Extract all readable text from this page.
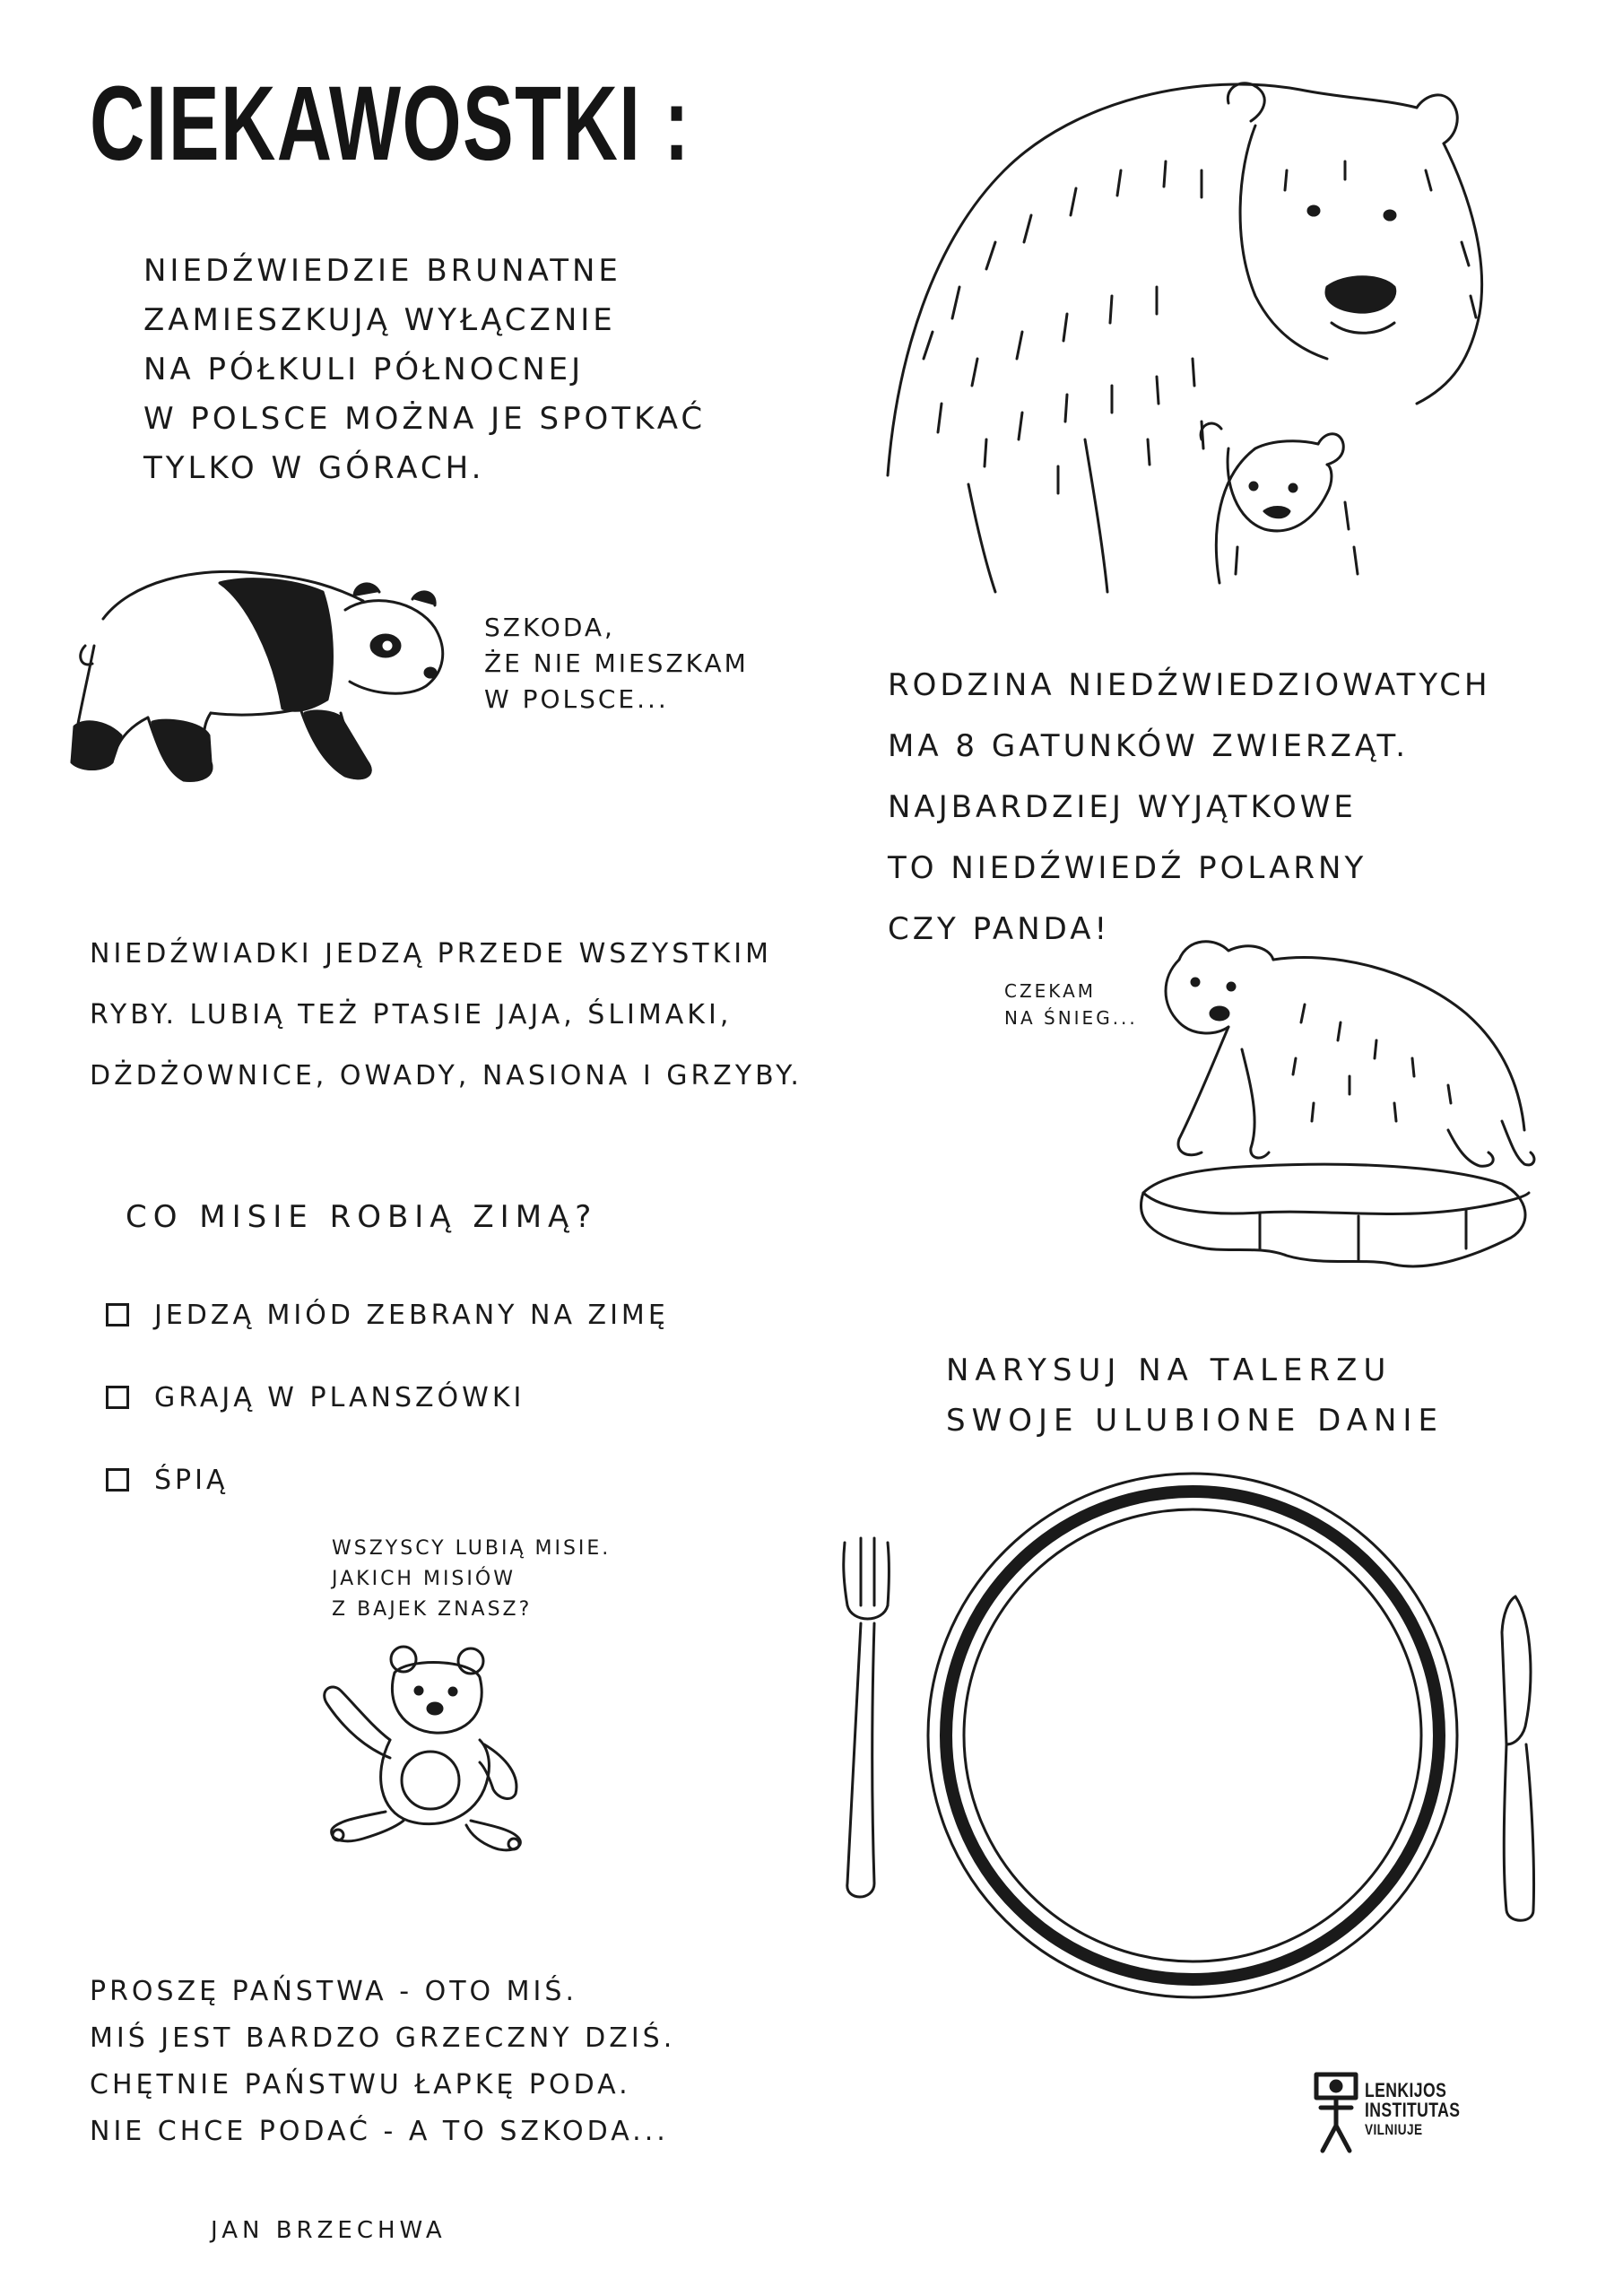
CIEKAWOSTKI :
NIEDŹWIEDZIE BRUNATNE
ZAMIESZKUJĄ WYŁĄCZNIE
NA PÓŁKULI PÓŁNOCNEJ
W POLSCE MOŻNA JE SPOTKAĆ
TYLKO W GÓRACH.
SZKODA,
ŻE NIE MIESZKAM
W POLSCE...	RODZINA NIEDŹWIEDZIOWATYCH
MA 8 GATUNKÓW ZWIERZĄT.
NAJBARDZIEJ WYJĄTKOWE
TO NIEDŹWIEDŹ POLARNY
CZY PANDA!
NIEDŹWIADKI JEDZĄ PRZEDE WSZYSTKIM
RYBY. LUBIĄ TEŻ PTASIE JAJA, ŚLIMAKI,
DŻDŻOWNICE, OWADY, NASIONA I GRZYBY.
CZEKAM
NA ŚNIEG...
CO MISIE ROBIĄ ZIMĄ?
JEDZĄ MIÓD ZEBRANY NA ZIMĘ
GRAJĄ W PLANSZÓWKI
ŚPIĄ
WSZYSCY LUBIĄ MISIE.
JAKICH MISIÓW
Z BAJEK ZNASZ?
NARYSUJ NA TALERZU
SWOJE ULUBIONE DANIE
PROSZĘ PAŃSTWA - OTO MIŚ.
MIŚ JEST BARDZO GRZECZNY DZIŚ.
CHĘTNIE PAŃSTWU ŁAPKĘ PODA.
NIE CHCE PODAĆ - A TO SZKODA...
JAN BRZECHWA
LENKIJOS
INSTITUTAS
VILNIUJE
